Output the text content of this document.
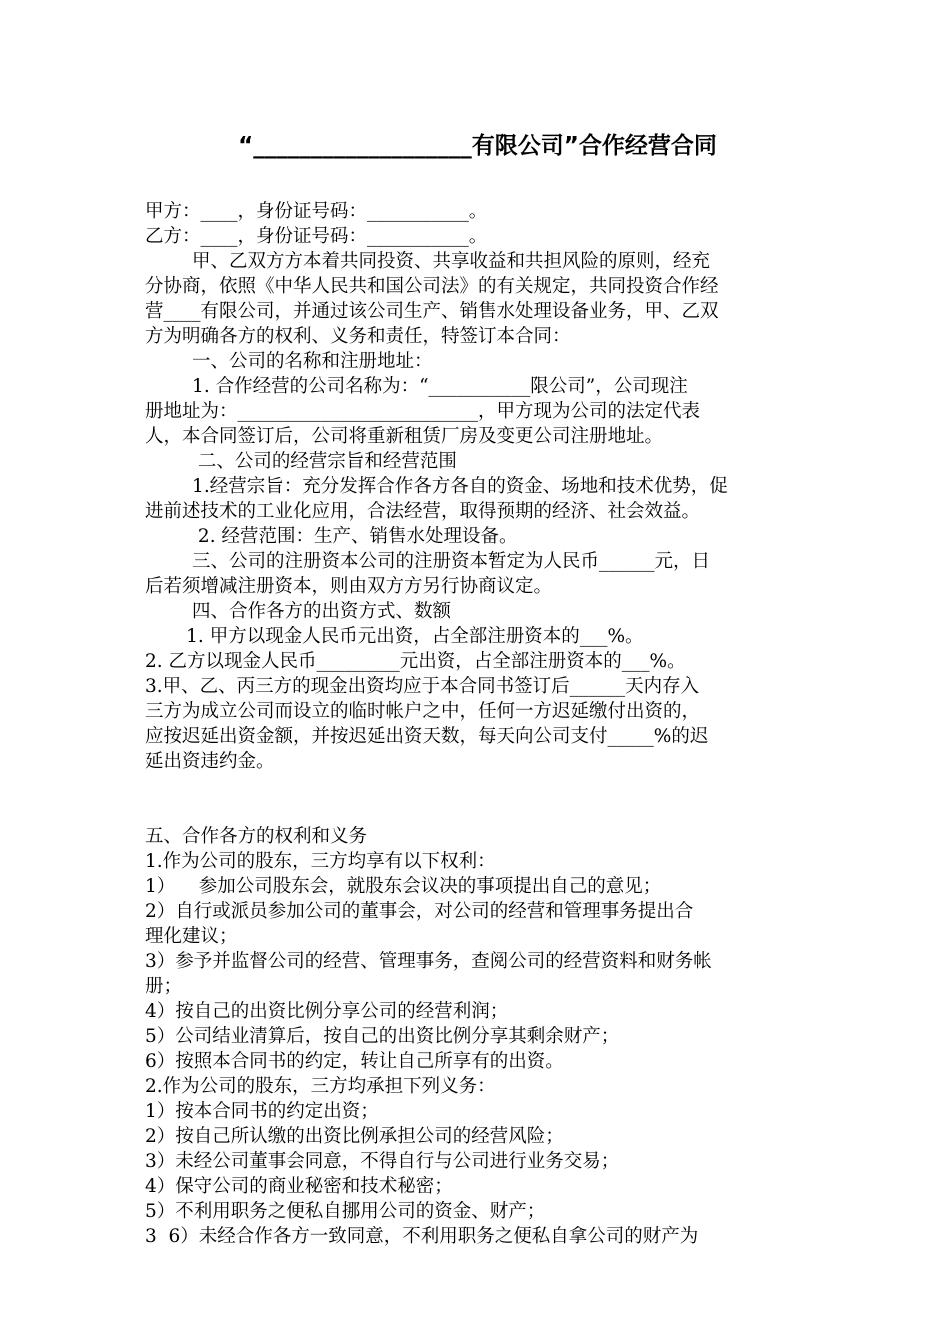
“___________________有限公司”合作经营合同
甲方：____，身份证号码：___________。
乙方：____，身份证号码：___________。
甲、乙双方方本着共同投资、共享收益和共担风险的原则，经充
分协商，依照《中华人民共和国公司法》的有关规定，共同投资合作经
营____有限公司，并通过该公司生产、销售水处理设备业务，甲、乙双
方为明确各方的权利、义务和责任，特签订本合同：
一、公司的名称和注册地址：
1. 合作经营的公司名称为：“___________限公司”，公司现注
册地址为：__________________________，甲方现为公司的法定代表
人，本合同签订后，公司将重新租赁厂房及变更公司注册地址。
二、公司的经营宗旨和经营范围
1.经营宗旨：充分发挥合作各方各自的资金、场地和技术优势，促
进前述技术的工业化应用，合法经营，取得预期的经济、社会效益。
2. 经营范围：生产、销售水处理设备。
三、公司的注册资本公司的注册资本暂定为人民币______元，日
后若须增减注册资本，则由双方方另行协商议定。
四、合作各方的出资方式、数额
1. 甲方以现金人民币元出资，占全部注册资本的___%。
2. 乙方以现金人民币_________元出资，占全部注册资本的___%。
3.甲、乙、丙三方的现金出资均应于本合同书签订后______天内存入
三方为成立公司而设立的临时帐户之中，任何一方迟延缴付出资的，
应按迟延出资金额，并按迟延出资天数，每天向公司支付_____%的迟
延出资违约金。
五、合作各方的权利和义务
1.作为公司的股东，三方均享有以下权利：
1）    参加公司股东会，就股东会议决的事项提出自己的意见；
2）自行或派员参加公司的董事会，对公司的经营和管理事务提出合
理化建议；
3）参予并监督公司的经营、管理事务，查阅公司的经营资料和财务帐
册；
4）按自己的出资比例分享公司的经营利润；
5）公司结业清算后，按自己的出资比例分享其剩余财产；
6）按照本合同书的约定，转让自己所享有的出资。
2.作为公司的股东，三方均承担下列义务：
1）按本合同书的约定出资；
2）按自己所认缴的出资比例承担公司的经营风险；
3）未经公司董事会同意，不得自行与公司进行业务交易；
4）保守公司的商业秘密和技术秘密；
5）不利用职务之便私自挪用公司的资金、财产；
3  6）未经合作各方一致同意，不利用职务之便私自拿公司的财产为
